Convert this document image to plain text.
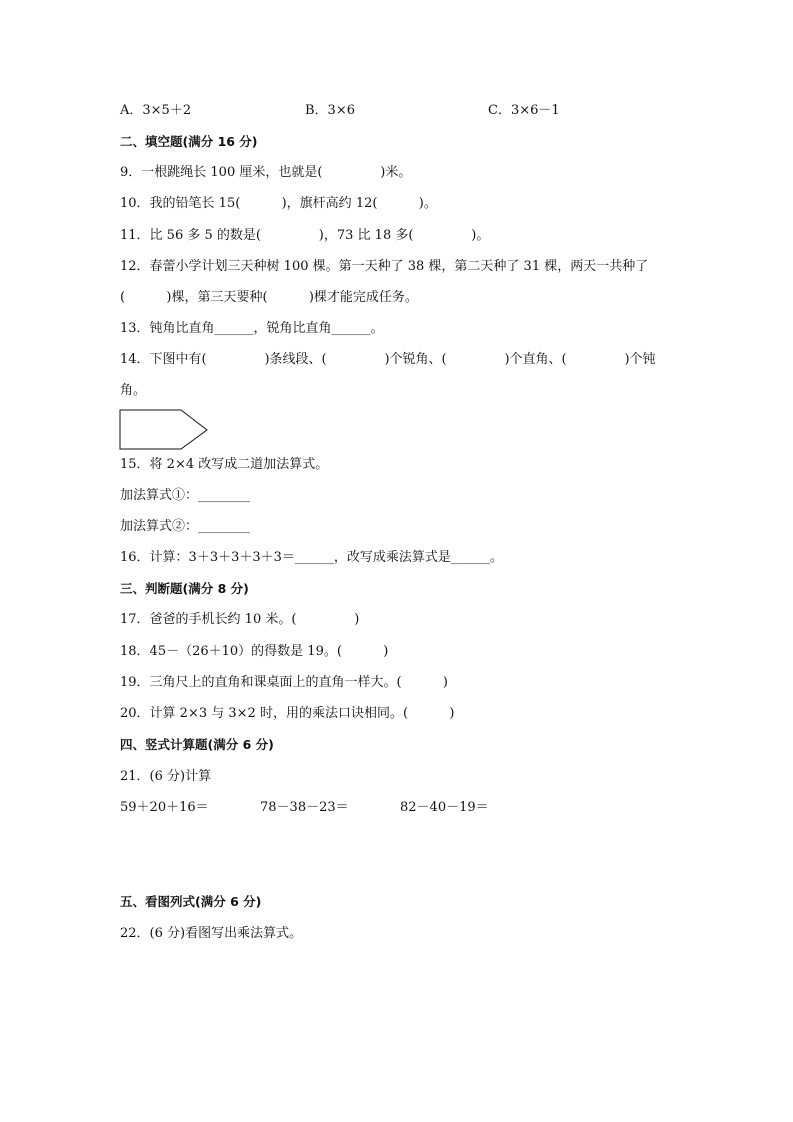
A．3×5＋2	B．3×6	C．3×6－1
二、填空题(满分 16 分)
9．一根跳绳长 100 厘米，也就是(              )米。
10．我的铅笔长 15(          )，旗杆高约 12(          )。
11．比 56 多 5 的数是(              )，73 比 18 多(              )。
12．春蕾小学计划三天种树 100 棵。第一天种了 38 棵，第二天种了 31 棵，两天一共种了
(          )棵，第三天要种(          )棵才能完成任务。
13．钝角比直角______，锐角比直角______。
14．下图中有(              )条线段、(              )个锐角、(              )个直角、(              )个钝
角。
15．将 2×4 改写成二道加法算式。
加法算式①：________
加法算式②：________
16．计算：3＋3＋3＋3＋3＝______，改写成乘法算式是______。
三、判断题(满分 8 分)
17．爸爸的手机长约 10 米。(              )
18．45－（26＋10）的得数是 19。(          )
19．三角尺上的直角和课桌面上的直角一样大。(          )
20．计算 2×3 与 3×2 时，用的乘法口诀相同。(          )
四、竖式计算题(满分 6 分)
21．(6 分)计算
59＋20＋16＝	78－38－23＝	82－40－19＝
五、看图列式(满分 6 分)
22．(6 分)看图写出乘法算式。
